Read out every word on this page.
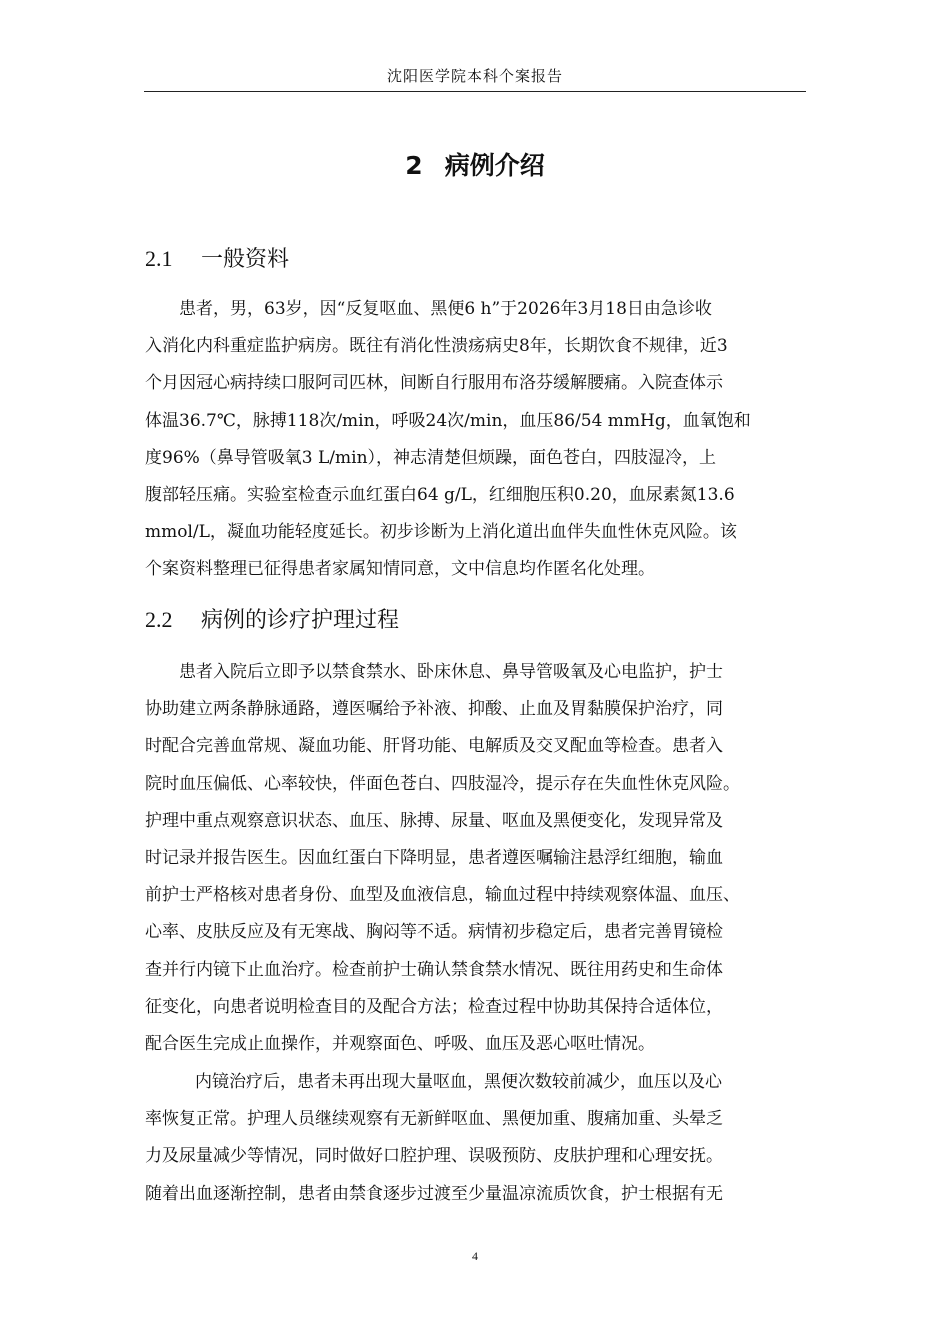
沈阳医学院本科个案报告
2 病例介绍
2.1 一般资料
患者，男，63岁，因“反复呕血、黑便6 h”于2026年3月18日由急诊收
入消化内科重症监护病房。既往有消化性溃疡病史8年，长期饮食不规律，近3
个月因冠心病持续口服阿司匹林，间断自行服用布洛芬缓解腰痛。入院查体示
体温36.7℃，脉搏118次/min，呼吸24次/min，血压86/54 mmHg，血氧饱和
度96%（鼻导管吸氧3 L/min），神志清楚但烦躁，面色苍白，四肢湿冷，上
腹部轻压痛。实验室检查示血红蛋白64 g/L，红细胞压积0.20，血尿素氮13.6
mmol/L，凝血功能轻度延长。初步诊断为上消化道出血伴失血性休克风险。该
个案资料整理已征得患者家属知情同意，文中信息均作匿名化处理。
2.2 病例的诊疗护理过程
患者入院后立即予以禁食禁水、卧床休息、鼻导管吸氧及心电监护，护士
协助建立两条静脉通路，遵医嘱给予补液、抑酸、止血及胃黏膜保护治疗，同
时配合完善血常规、凝血功能、肝肾功能、电解质及交叉配血等检查。患者入
院时血压偏低、心率较快，伴面色苍白、四肢湿冷，提示存在失血性休克风险。
护理中重点观察意识状态、血压、脉搏、尿量、呕血及黑便变化，发现异常及
时记录并报告医生。因血红蛋白下降明显，患者遵医嘱输注悬浮红细胞，输血
前护士严格核对患者身份、血型及血液信息，输血过程中持续观察体温、血压、
心率、皮肤反应及有无寒战、胸闷等不适。病情初步稳定后，患者完善胃镜检
查并行内镜下止血治疗。检查前护士确认禁食禁水情况、既往用药史和生命体
征变化，向患者说明检查目的及配合方法；检查过程中协助其保持合适体位，
配合医生完成止血操作，并观察面色、呼吸、血压及恶心呕吐情况。
内镜治疗后，患者未再出现大量呕血，黑便次数较前减少，血压以及心
率恢复正常。护理人员继续观察有无新鲜呕血、黑便加重、腹痛加重、头晕乏
力及尿量减少等情况，同时做好口腔护理、误吸预防、皮肤护理和心理安抚。
随着出血逐渐控制，患者由禁食逐步过渡至少量温凉流质饮食，护士根据有无
4
